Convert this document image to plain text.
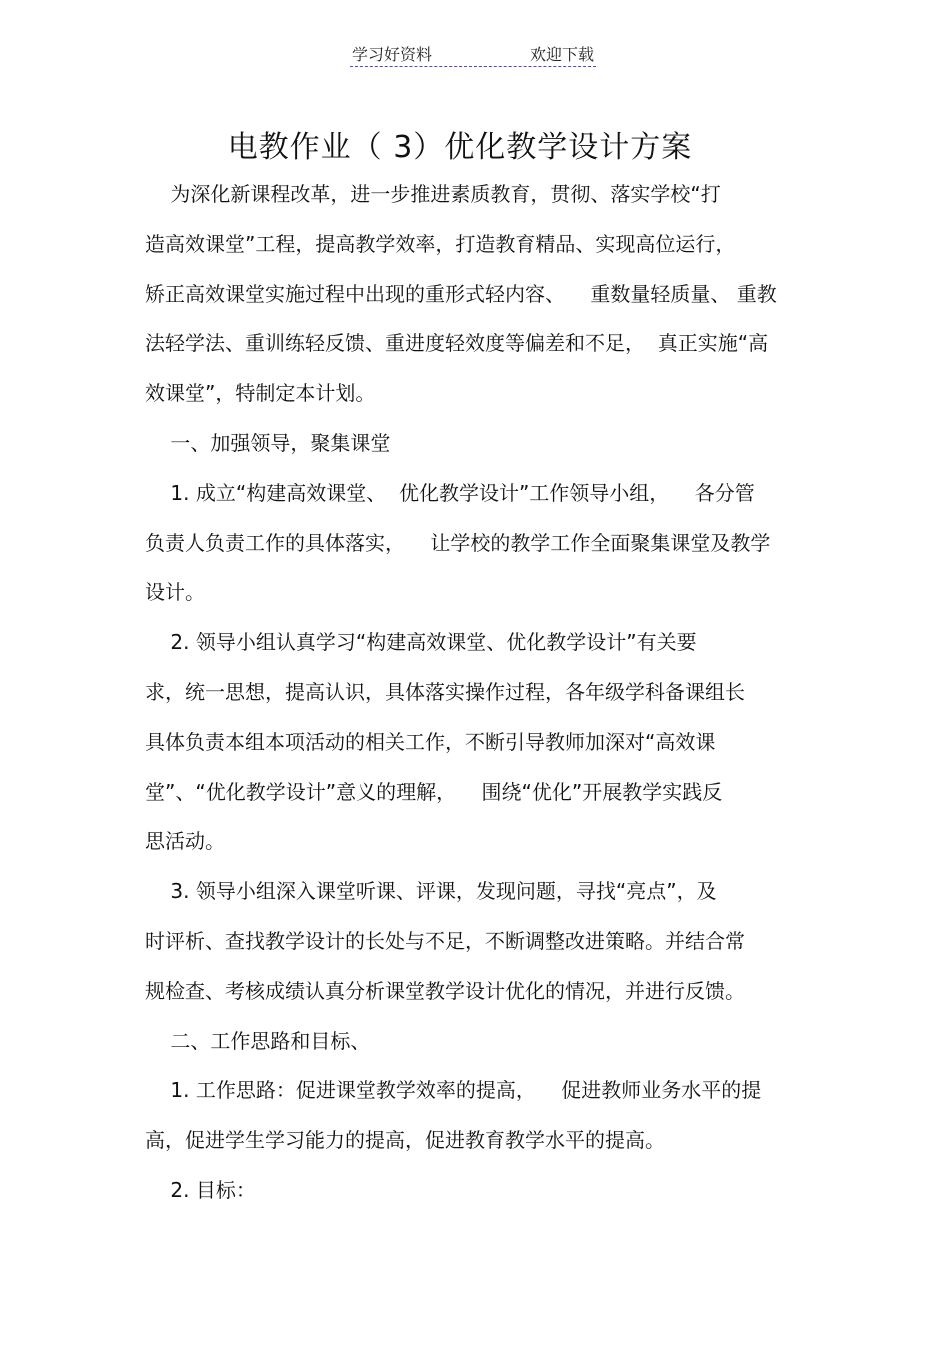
学习好资料	欢迎下载
电教作业（ 3）优化教学设计方案
为深化新课程改革，进一步推进素质教育，贯彻、落实学校“打
造高效课堂”工程，提高教学效率，打造教育精品、实现高位运行，
矫正高效课堂实施过程中出现的重形式轻内容、    重数量轻质量、 重教
法轻学法、重训练轻反馈、重进度轻效度等偏差和不足，  真正实施“高
效课堂”，特制定本计划。
一、加强领导，聚集课堂
1. 成立“构建高效课堂、  优化教学设计”工作领导小组，    各分管
负责人负责工作的具体落实，    让学校的教学工作全面聚集课堂及教学
设计。
2. 领导小组认真学习“构建高效课堂、优化教学设计”有关要
求，统一思想，提高认识，具体落实操作过程，各年级学科备课组长
具体负责本组本项活动的相关工作，不断引导教师加深对“高效课
堂”、“优化教学设计”意义的理解，    围绕“优化”开展教学实践反
思活动。
3. 领导小组深入课堂听课、评课，发现问题，寻找“亮点”，及
时评析、查找教学设计的长处与不足，不断调整改进策略。并结合常
规检查、考核成绩认真分析课堂教学设计优化的情况，并进行反馈。
二、工作思路和目标、
1. 工作思路：促进课堂教学效率的提高，    促进教师业务水平的提
高，促进学生学习能力的提高，促进教育教学水平的提高。
2. 目标：
